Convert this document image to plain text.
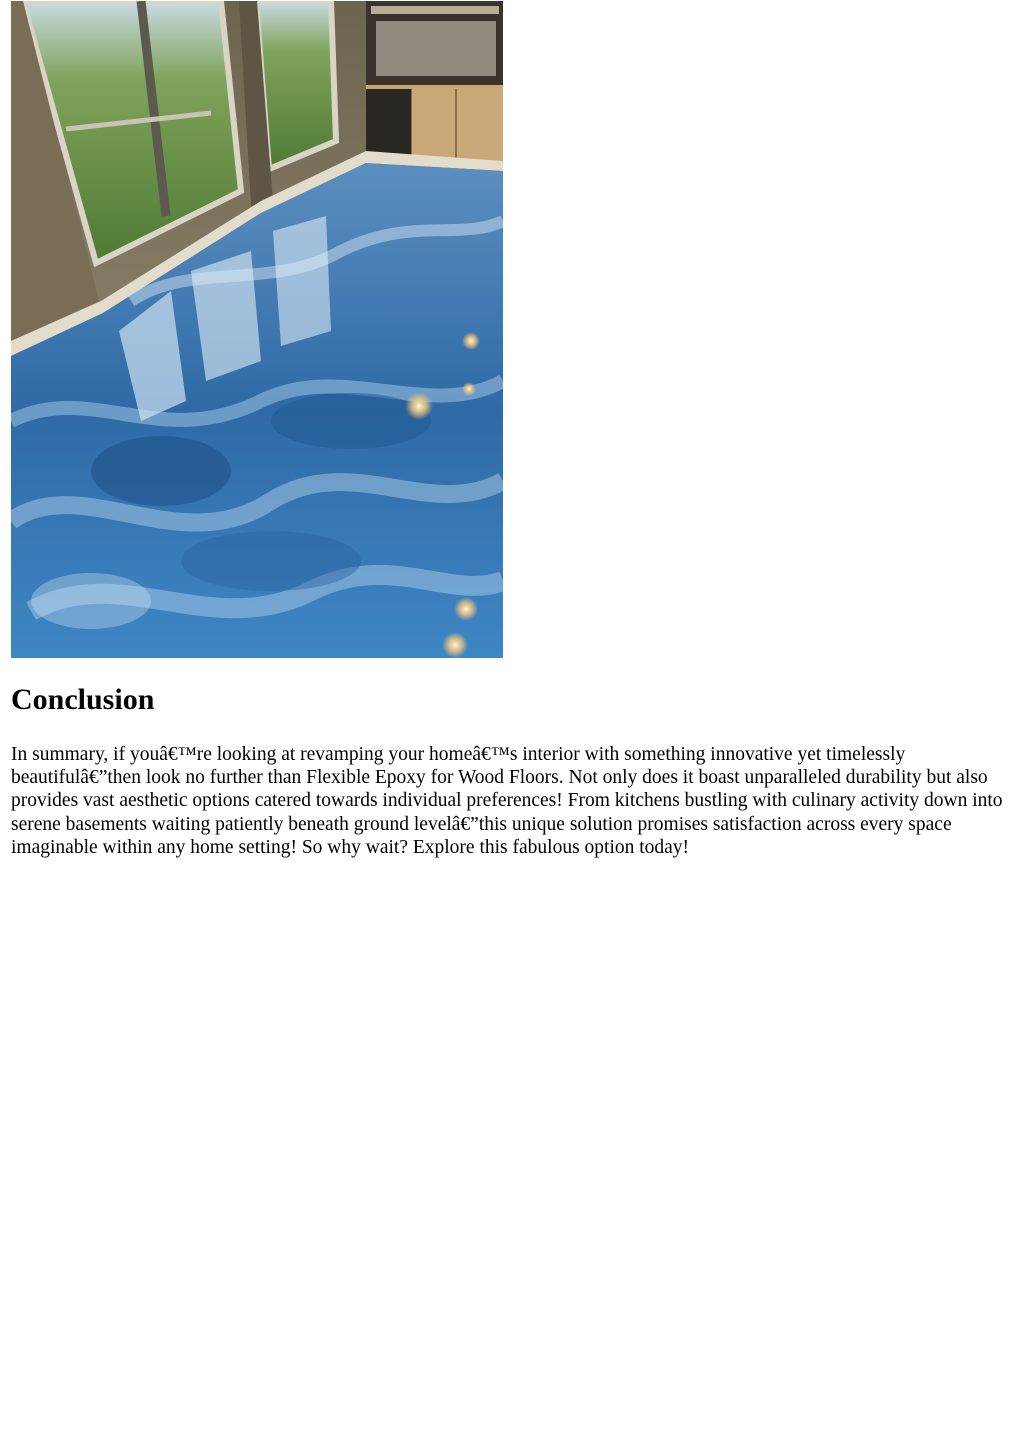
Conclusion

In summary, if youâ€™re looking at revamping your homeâ€™s interior with something innovative yet timelessly beautifulâ€”then look no further than Flexible Epoxy for Wood Floors. Not only does it boast unparalleled durability but also provides vast aesthetic options catered towards individual preferences! From kitchens bustling with culinary activity down into serene basements waiting patiently beneath ground levelâ€”this unique solution promises satisfaction across every space imaginable within any home setting! So why wait? Explore this fabulous option today!
